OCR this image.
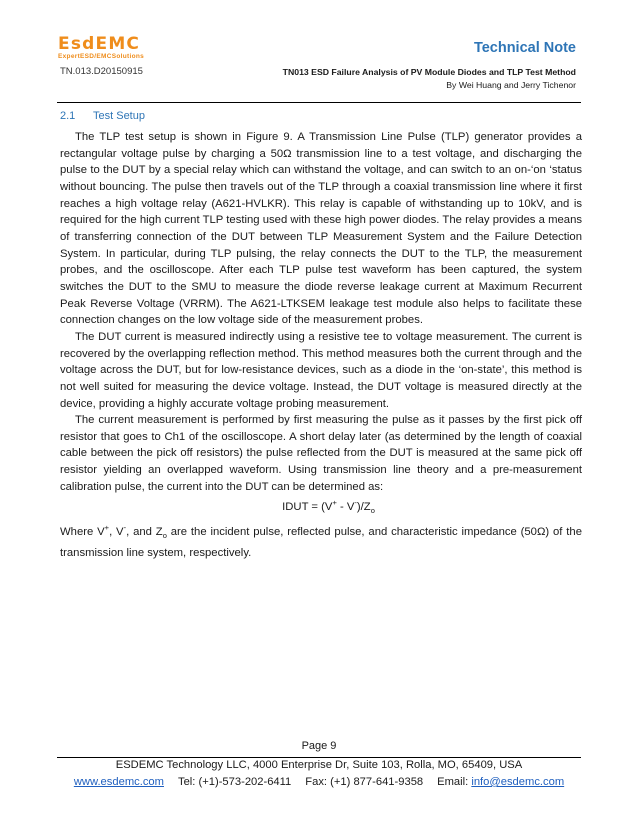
EsdEMC
ExpertESD/EMCSolutions
TN.013.D20150915
Technical Note
TN013 ESD Failure Analysis of PV Module Diodes and TLP Test Method
By Wei Huang and Jerry Tichenor
2.1 Test Setup

The TLP test setup is shown in Figure 9. A Transmission Line Pulse (TLP) generator provides a rectangular voltage pulse by charging a 50Ω transmission line to a test voltage, and discharging the pulse to the DUT by a special relay which can withstand the voltage, and can switch to an on-‘on ‘status without bouncing. The pulse then travels out of the TLP through a coaxial transmission line where it first reaches a high voltage relay (A621-HVLKR). This relay is capable of withstanding up to 10kV, and is required for the high current TLP testing used with these high power diodes. The relay provides a means of transferring connection of the DUT between TLP Measurement System and the Failure Detection System. In particular, during TLP pulsing, the relay connects the DUT to the TLP, the measurement probes, and the oscilloscope. After each TLP pulse test waveform has been captured, the system switches the DUT to the SMU to measure the diode reverse leakage current at Maximum Recurrent Peak Reverse Voltage (VRRM). The A621-LTKSEM leakage test module also helps to facilitate these connection changes on the low voltage side of the measurement probes.

The DUT current is measured indirectly using a resistive tee to voltage measurement. The current is recovered by the overlapping reflection method. This method measures both the current through and the voltage across the DUT, but for low-resistance devices, such as a diode in the ‘on-state’, this method is not well suited for measuring the device voltage. Instead, the DUT voltage is measured directly at the device, providing a highly accurate voltage probing measurement.

The current measurement is performed by first measuring the pulse as it passes by the first pick off resistor that goes to Ch1 of the oscilloscope. A short delay later (as determined by the length of coaxial cable between the pick off resistors) the pulse reflected from the DUT is measured at the same pick off resistor yielding an overlapped waveform. Using transmission line theory and a pre-measurement calibration pulse, the current into the DUT can be determined as:

IDUT = $(V^+ - V^-)/Z_o$

Where V+, V-, and $Z_o$ are the incident pulse, reflected pulse, and characteristic impedance (50Ω) of the transmission line system, respectively.

Page 9
ESDEMC Technology LLC, 4000 Enterprise Dr, Suite 103, Rolla, MO, 65409, USA
www.esdemc.com Tel: (+1)-573-202-6411 Fax: (+1) 877-641-9358 Email: info@esdemc.com
